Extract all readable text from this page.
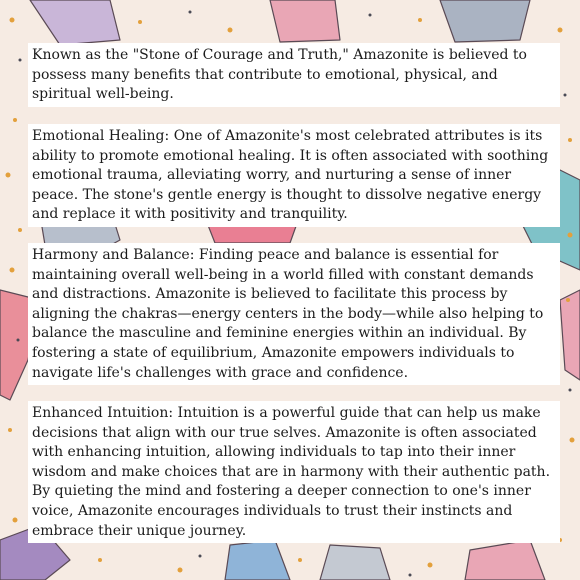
Known as the "Stone of Courage and Truth," Amazonite is believed to possess many benefits that contribute to emotional, physical, and spiritual well-being.

Emotional Healing: One of Amazonite's most celebrated attributes is its ability to promote emotional healing. It is often associated with soothing emotional trauma, alleviating worry, and nurturing a sense of inner peace. The stone's gentle energy is thought to dissolve negative energy and replace it with positivity and tranquility.

Harmony and Balance: Finding peace and balance is essential for maintaining overall well-being in a world filled with constant demands and distractions. Amazonite is believed to facilitate this process by aligning the chakras—energy centers in the body—while also helping to balance the masculine and feminine energies within an individual. By fostering a state of equilibrium, Amazonite empowers individuals to navigate life's challenges with grace and confidence.

Enhanced Intuition: Intuition is a powerful guide that can help us make decisions that align with our true selves. Amazonite is often associated with enhancing intuition, allowing individuals to tap into their inner wisdom and make choices that are in harmony with their authentic path. By quieting the mind and fostering a deeper connection to one's inner voice, Amazonite encourages individuals to trust their instincts and embrace their unique journey.
